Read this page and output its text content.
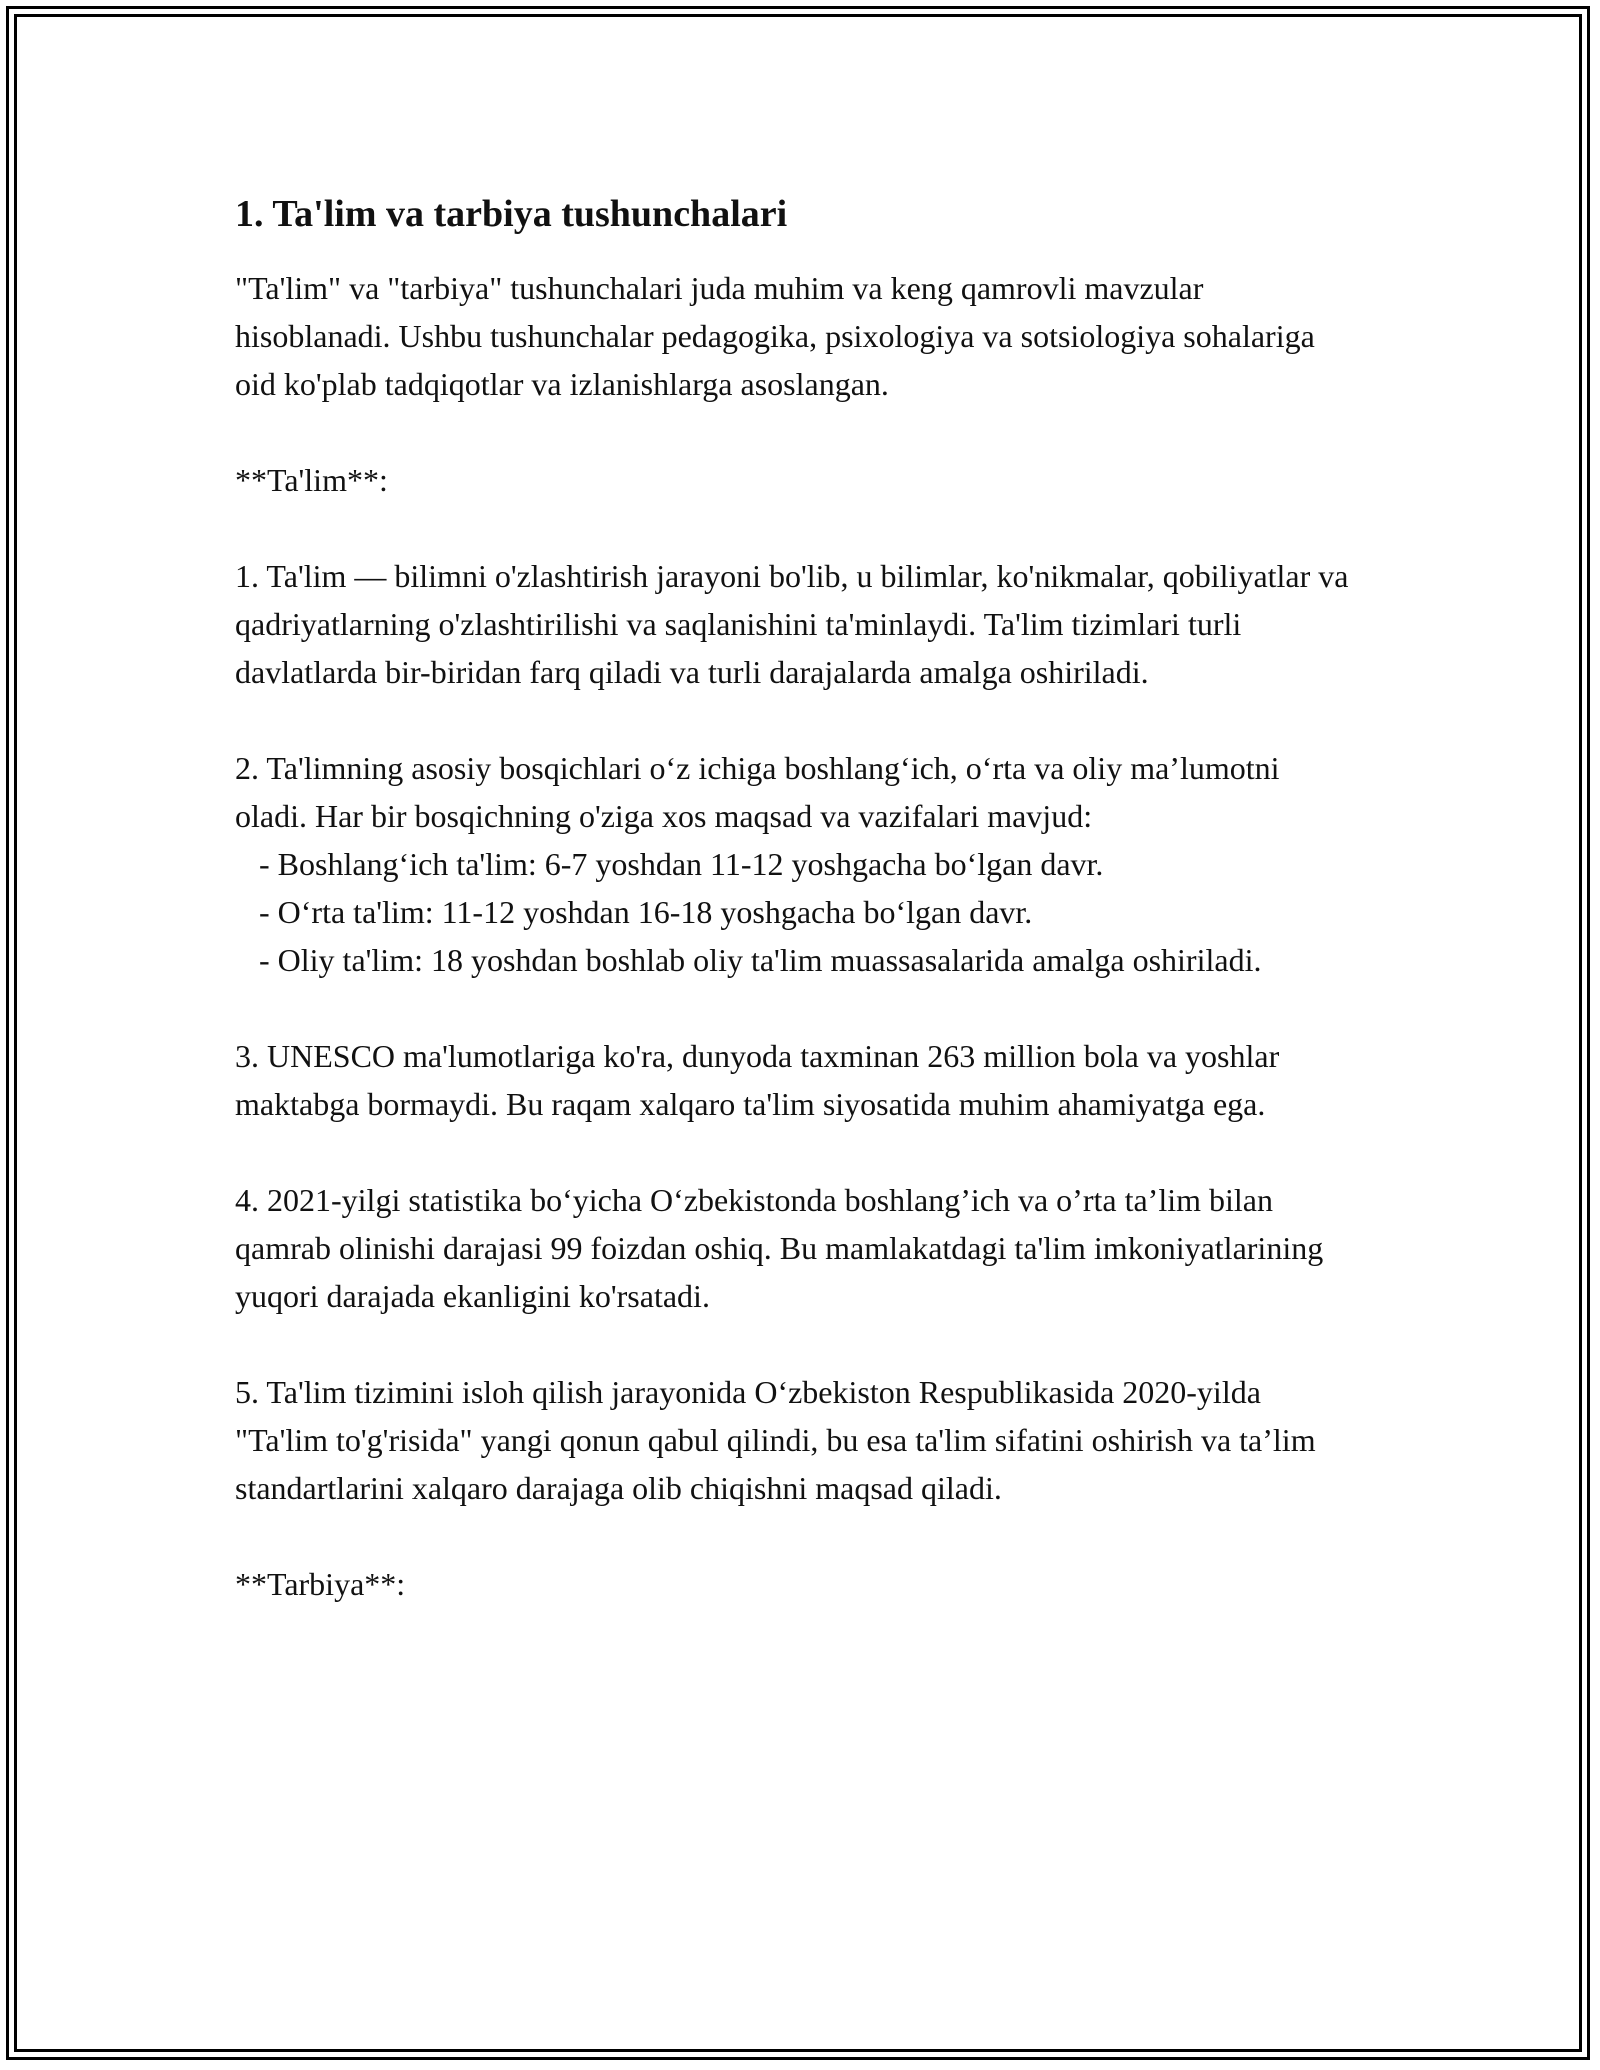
1. Ta'lim va tarbiya tushunchalari

"Ta'lim" va "tarbiya" tushunchalari juda muhim va keng qamrovli mavzular hisoblanadi. Ushbu tushunchalar pedagogika, psixologiya va sotsiologiya sohalariga oid ko'plab tadqiqotlar va izlanishlarga asoslangan.

**Ta'lim**:

1. Ta'lim — bilimni o'zlashtirish jarayoni bo'lib, u bilimlar, ko'nikmalar, qobiliyatlar va qadriyatlarning o'zlashtirilishi va saqlanishini ta'minlaydi. Ta'lim tizimlari turli davlatlarda bir-biridan farq qiladi va turli darajalarda amalga oshiriladi.

2. Ta'limning asosiy bosqichlari o‘z ichiga boshlang‘ich, o‘rta va oliy ma’lumotni oladi. Har bir bosqichning o'ziga xos maqsad va vazifalari mavjud:

- Boshlang‘ich ta'lim: 6-7 yoshdan 11-12 yoshgacha bo‘lgan davr.

- O‘rta ta'lim: 11-12 yoshdan 16-18 yoshgacha bo‘lgan davr.

- Oliy ta'lim: 18 yoshdan boshlab oliy ta'lim muassasalarida amalga oshiriladi.

3. UNESCO ma'lumotlariga ko'ra, dunyoda taxminan 263 million bola va yoshlar maktabga bormaydi. Bu raqam xalqaro ta'lim siyosatida muhim ahamiyatga ega.

4. 2021-yilgi statistika bo‘yicha O‘zbekistonda boshlang’ich va o’rta ta’lim bilan qamrab olinishi darajasi 99 foizdan oshiq. Bu mamlakatdagi ta'lim imkoniyatlarining yuqori darajada ekanligini ko'rsatadi.

5. Ta'lim tizimini isloh qilish jarayonida O‘zbekiston Respublikasida 2020-yilda "Ta'lim to'g'risida" yangi qonun qabul qilindi, bu esa ta'lim sifatini oshirish va ta’lim standartlarini xalqaro darajaga olib chiqishni maqsad qiladi.

**Tarbiya**:
